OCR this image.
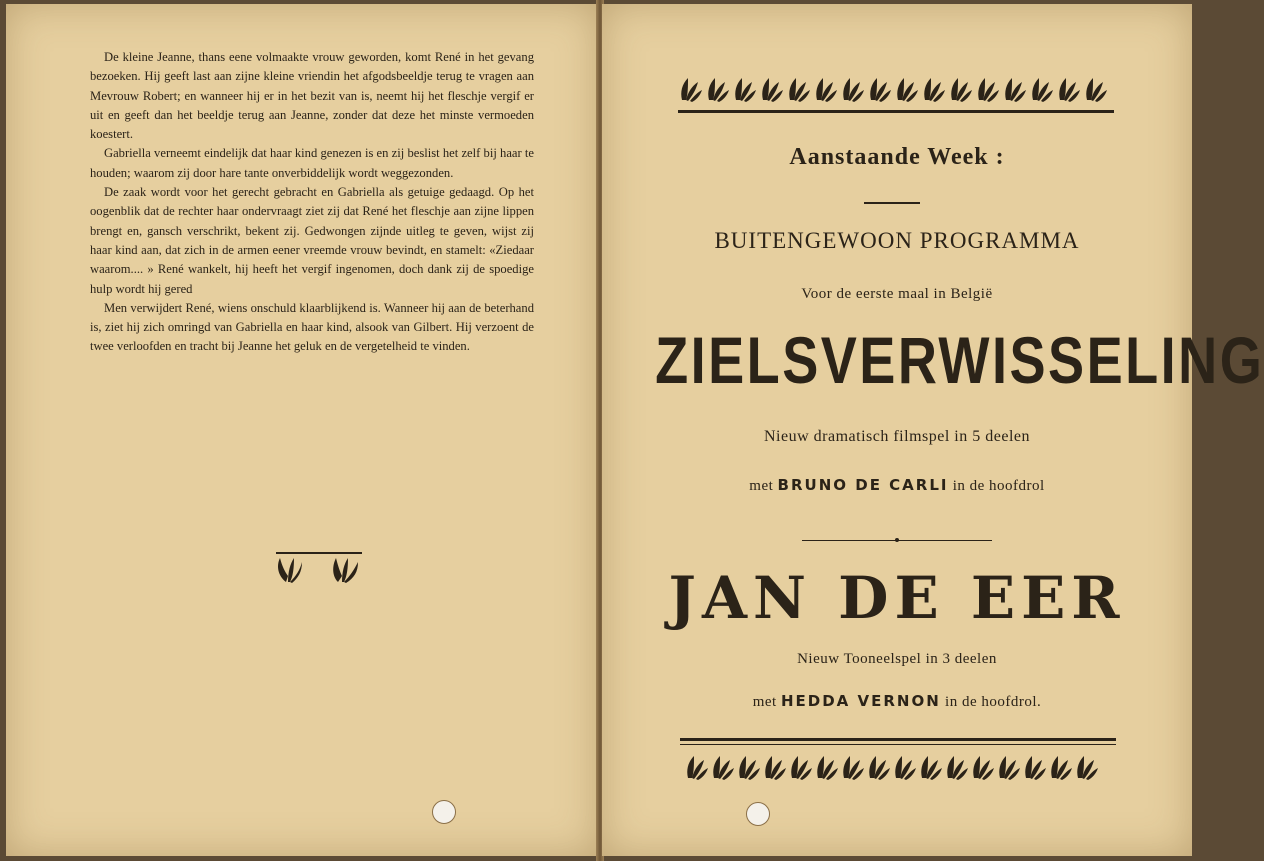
De kleine Jeanne, thans eene volmaakte vrouw geworden, komt René in het gevang bezoeken. Hij geeft last aan zijne kleine vriendin het afgodsbeeldje terug te vragen aan Mevrouw Robert; en wanneer hij er in het bezit van is, neemt hij het fleschje vergif er uit en geeft dan het beeldje terug aan Jeanne, zonder dat deze het minste vermoeden koestert.

Gabriella verneemt eindelijk dat haar kind genezen is en zij beslist het zelf bij haar te houden; waarom zij door hare tante onverbiddelijk wordt weggezonden.

De zaak wordt voor het gerecht gebracht en Gabriella als getuige gedaagd. Op het oogenblik dat de rechter haar ondervraagt ziet zij dat René het fleschje aan zijne lippen brengt en, gansch verschrikt, bekent zij. Gedwongen zijnde uitleg te geven, wijst zij haar kind aan, dat zich in de armen eener vreemde vrouw bevindt, en stamelt: «Ziedaar waarom.... » René wankelt, hij heeft het vergif ingenomen, doch dank zij de spoedige hulp wordt hij gered

Men verwijdert René, wiens onschuld klaarblijkend is. Wanneer hij aan de beterhand is, ziet hij zich omringd van Gabriella en haar kind, alsook van Gilbert. Hij verzoent de twee verloofden en tracht bij Jeanne het geluk en de vergetelheid te vinden.

Aanstaande Week :
BUITENGEWOON PROGRAMMA
Voor de eerste maal in België
ZIELSVERWISSELING
Nieuw dramatisch filmspel in 5 deelen
met BRUNO DE CARLI in de hoofdrol
JAN DE EER
Nieuw Tooneelspel in 3 deelen
met HEDDA VERNON in de hoofdrol.
